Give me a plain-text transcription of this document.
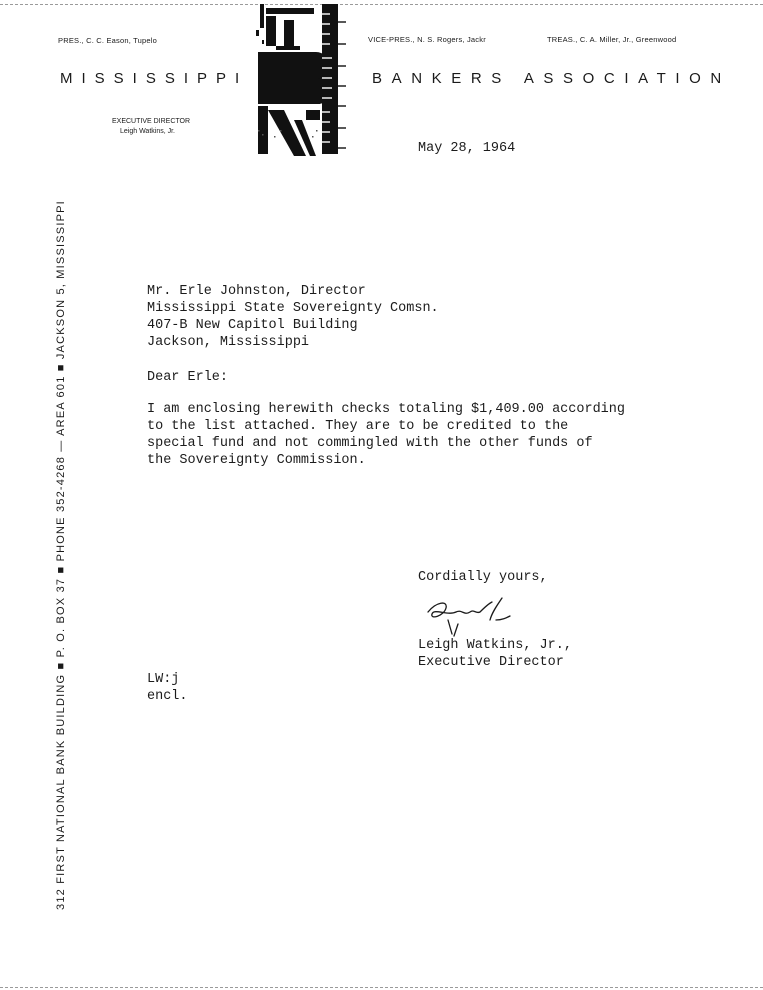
PRES., C. C. Eason, Tupelo	VICE-PRES., N. S. Rogers, Jackr	TREAS., C. A. Miller, Jr., Greenwood
MISSISSIPPI	BANKERS ASSOCIATION
EXECUTIVE DIRECTOR
Leigh Watkins, Jr.
MBA
312 FIRST NATIONAL BANK BUILDING ■ P. O. BOX 37 ■ PHONE 352-4268 — AREA 601 ■ JACKSON 5, MISSISSIPPI
May 28, 1964
Mr. Erle Johnston, Director
Mississippi State Sovereignty Comsn.
407-B New Capitol Building
Jackson, Mississippi
Dear Erle:
I am enclosing herewith checks totaling $1,409.00 according
to the list attached. They are to be credited to the
special fund and not commingled with the other funds of
the Sovereignty Commission.
Cordially yours,
Leigh Watkins, Jr.,
Executive Director
LW:j
encl.
